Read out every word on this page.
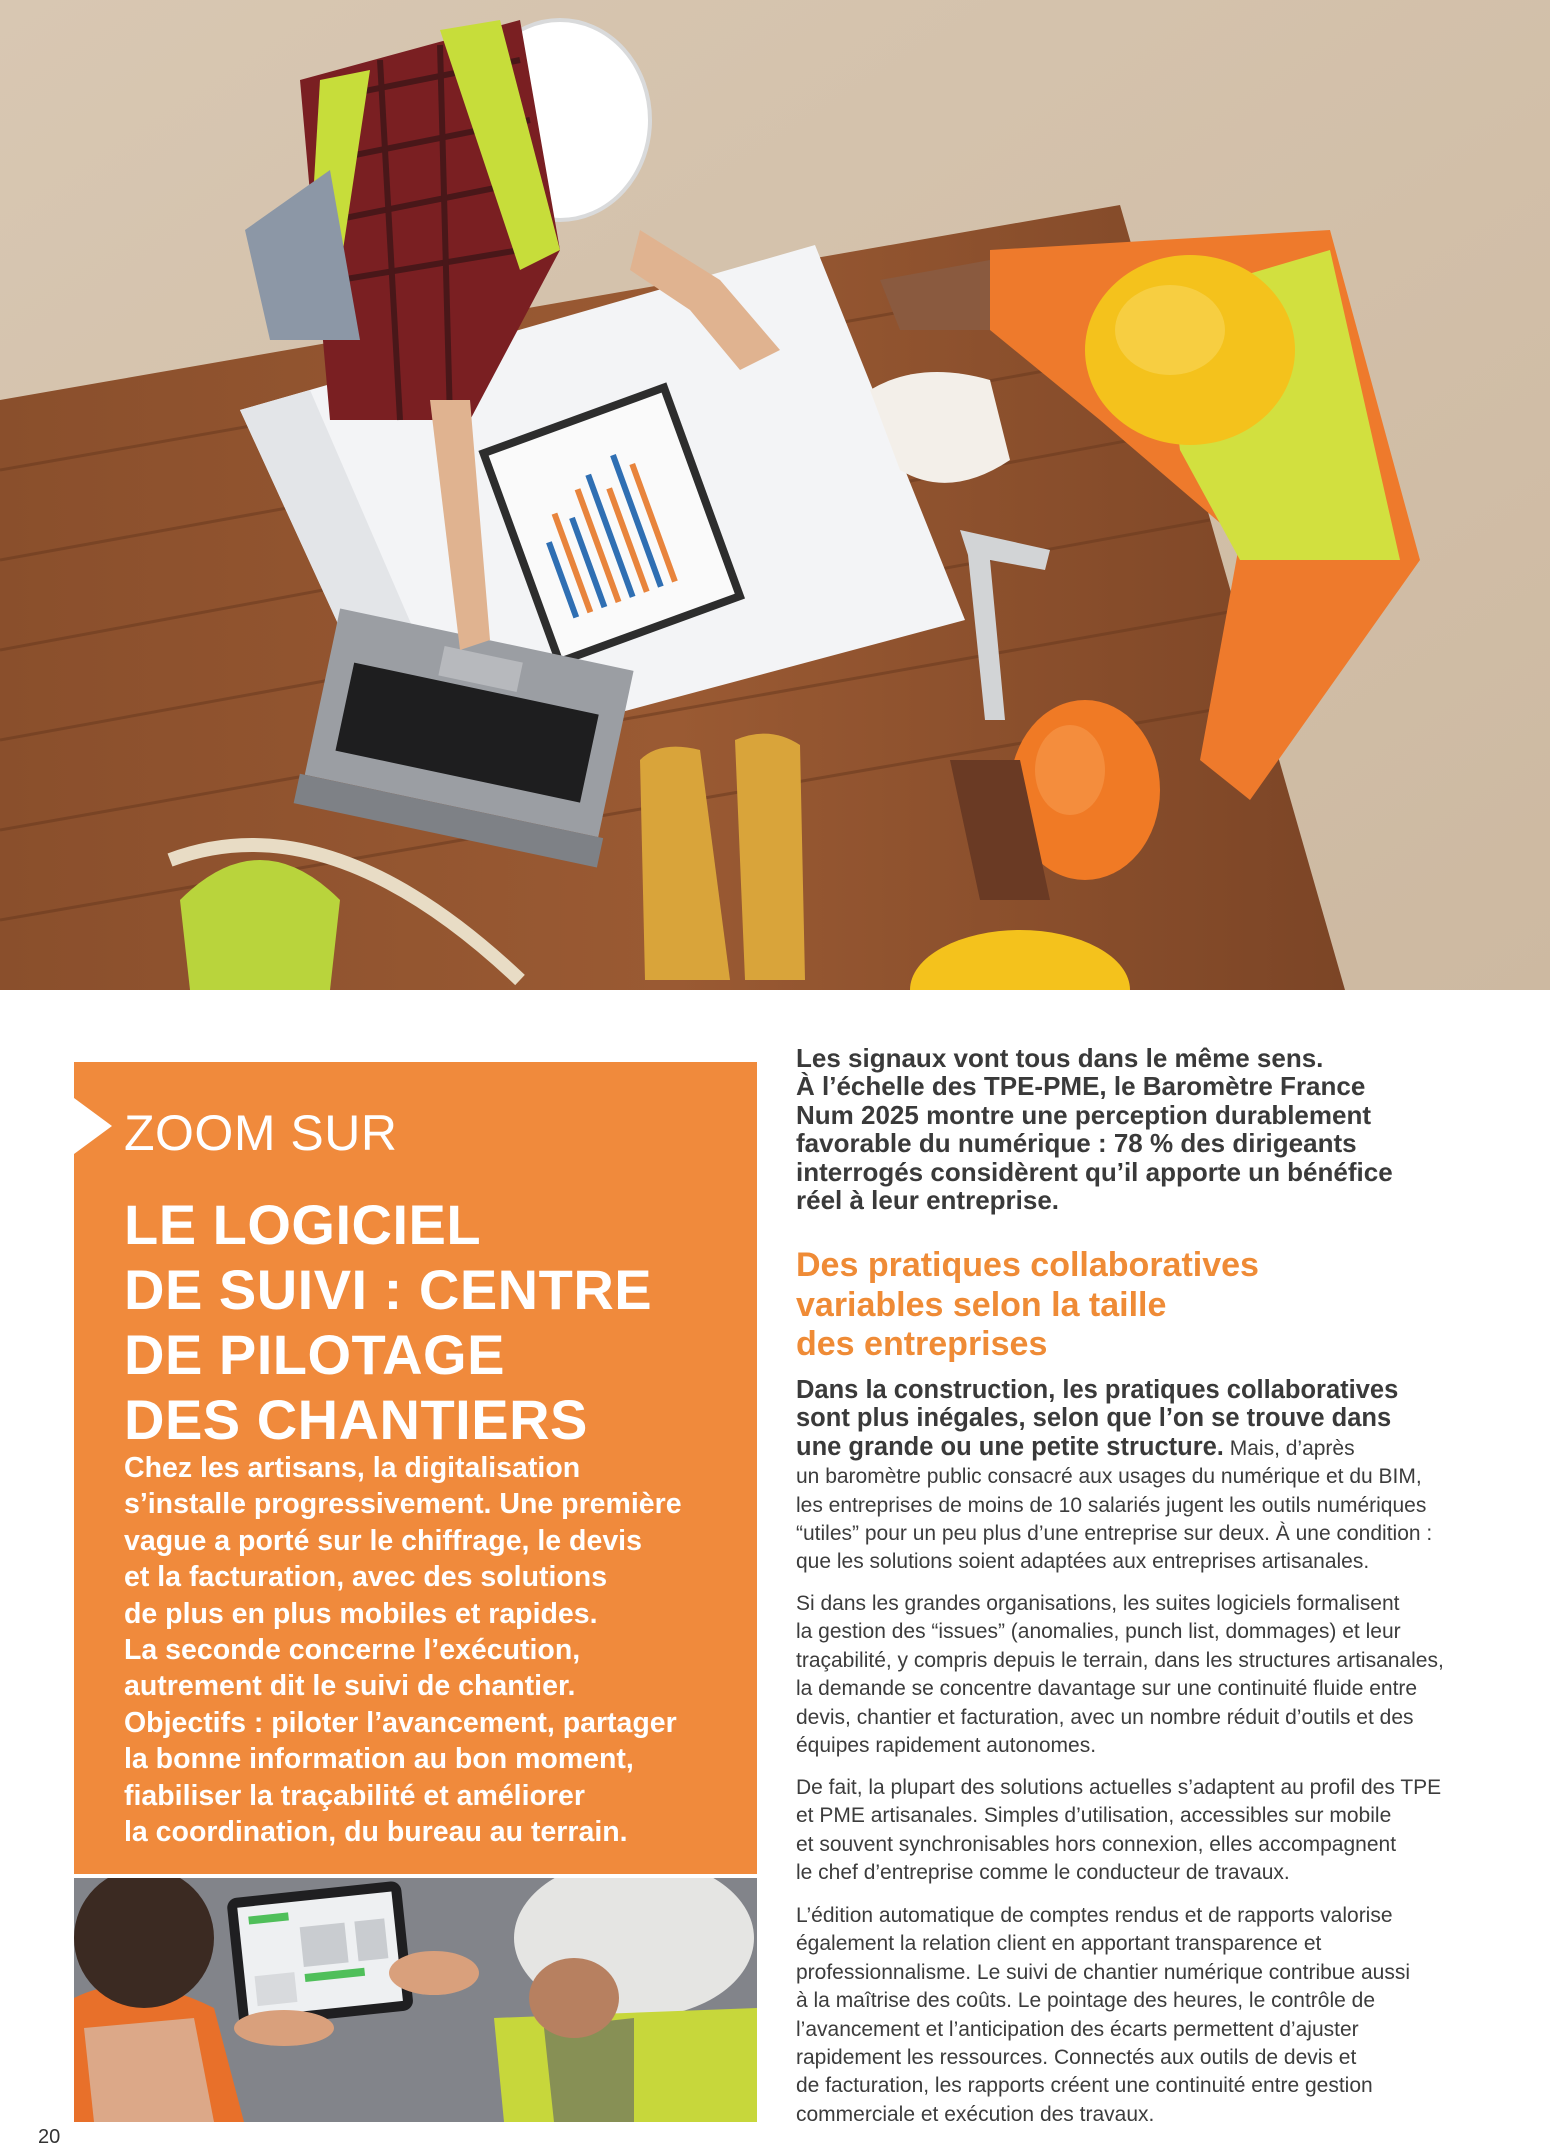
ZOOM SUR
LE LOGICIEL
DE SUIVI : CENTRE
DE PILOTAGE
DES CHANTIERS
Chez les artisans, la digitalisation
s’installe progressivement. Une première
vague a porté sur le chiffrage, le devis
et la facturation, avec des solutions
de plus en plus mobiles et rapides.
La seconde concerne l’exécution,
autrement dit le suivi de chantier.
Objectifs : piloter l’avancement, partager
la bonne information au bon moment,
fiabiliser la traçabilité et améliorer
la coordination, du bureau au terrain.
Les signaux vont tous dans le même sens.
À l’échelle des TPE-PME, le Baromètre France
Num 2025 montre une perception durablement
favorable du numérique : 78 % des dirigeants
interrogés considèrent qu’il apporte un bénéfice
réel à leur entreprise.
Des pratiques collaboratives
variables selon la taille
des entreprises
Dans la construction, les pratiques collaboratives
sont plus inégales, selon que l’on se trouve dans
une grande ou une petite structure. Mais, d’après
un baromètre public consacré aux usages du numérique et du BIM,
les entreprises de moins de 10 salariés jugent les outils numériques
“utiles” pour un peu plus d’une entreprise sur deux. À une condition :
que les solutions soient adaptées aux entreprises artisanales.
Si dans les grandes organisations, les suites logiciels formalisent
la gestion des “issues” (anomalies, punch list, dommages) et leur
traçabilité, y compris depuis le terrain, dans les structures artisanales,
la demande se concentre davantage sur une continuité fluide entre
devis, chantier et facturation, avec un nombre réduit d’outils et des
équipes rapidement autonomes.
De fait, la plupart des solutions actuelles s’adaptent au profil des TPE
et PME artisanales. Simples d’utilisation, accessibles sur mobile
et souvent synchronisables hors connexion, elles accompagnent
le chef d’entreprise comme le conducteur de travaux.
L’édition automatique de comptes rendus et de rapports valorise
également la relation client en apportant transparence et
professionnalisme. Le suivi de chantier numérique contribue aussi
à la maîtrise des coûts. Le pointage des heures, le contrôle de
l’avancement et l’anticipation des écarts permettent d’ajuster
rapidement les ressources. Connectés aux outils de devis et
de facturation, les rapports créent une continuité entre gestion
commerciale et exécution des travaux.
20
